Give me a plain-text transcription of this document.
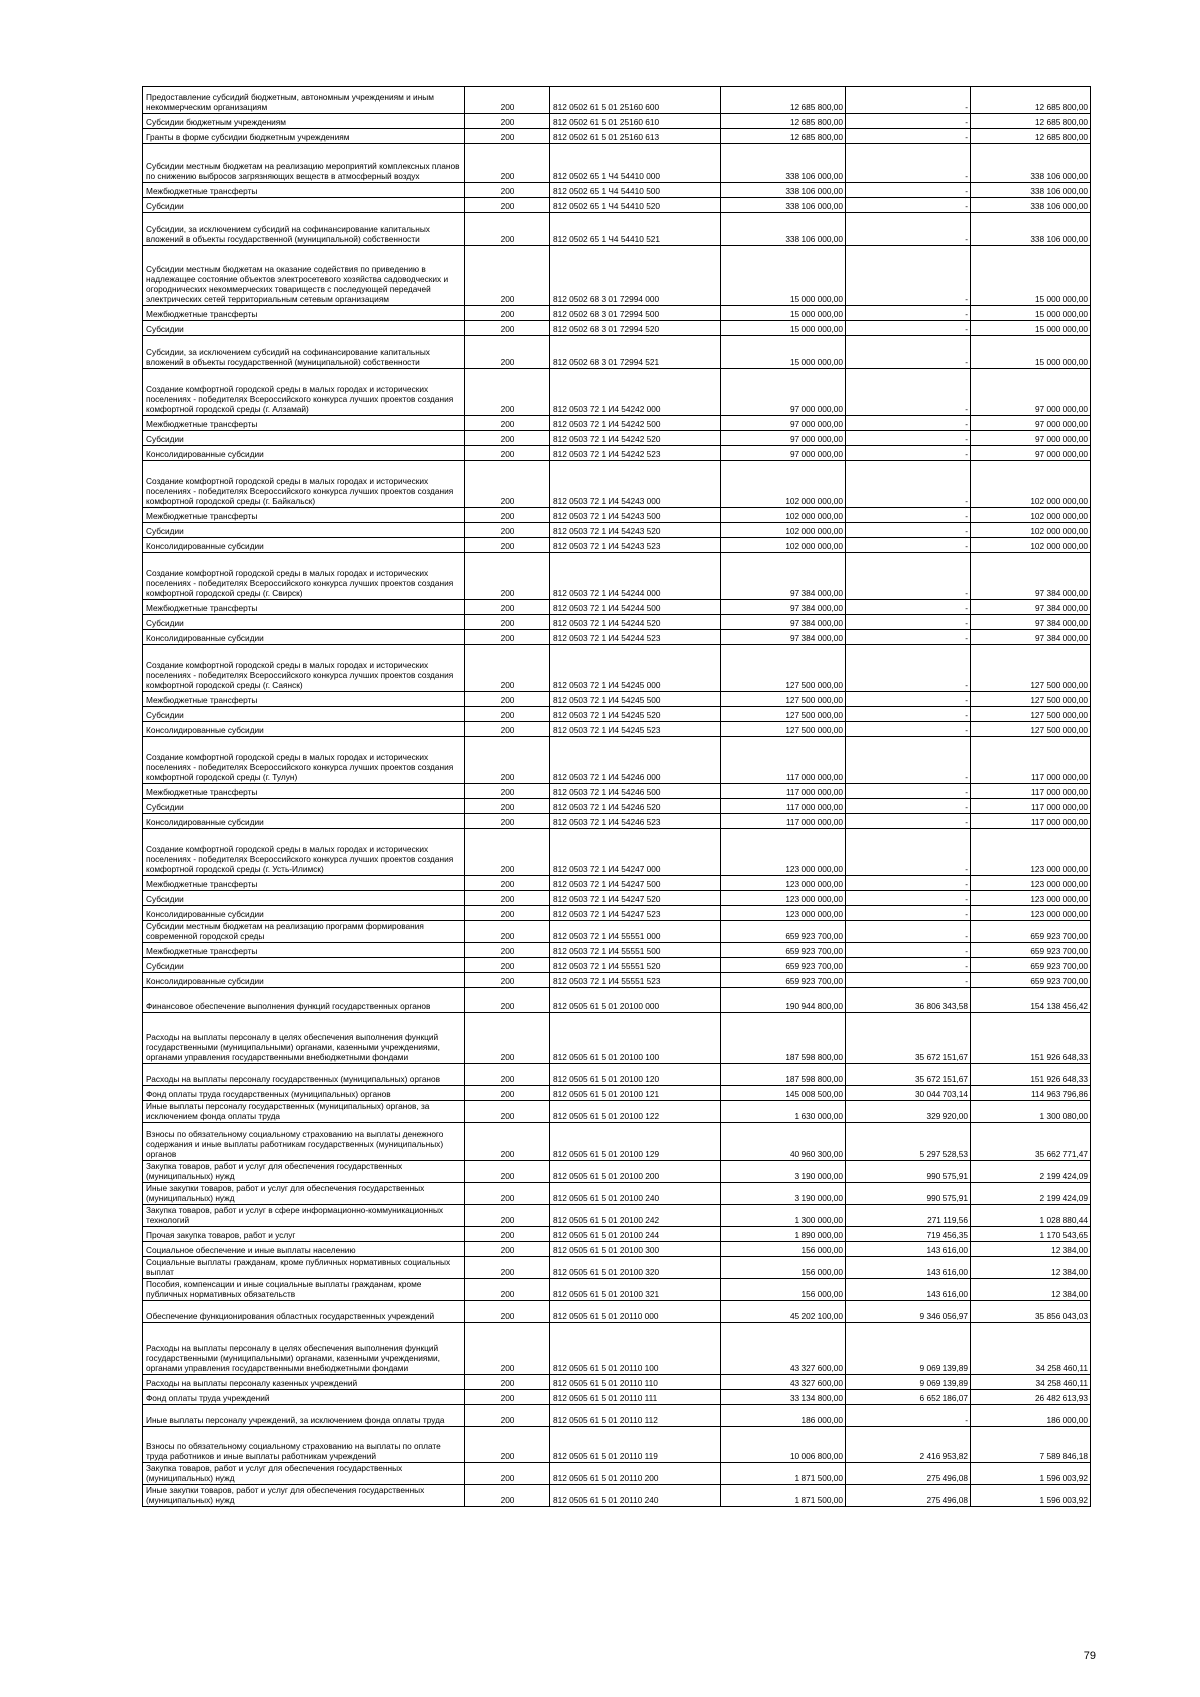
Предоставление субсидий бюджетным, автономным учреждениям и иным некоммерческим организациям	200	812 0502 61 5 01 25160 600	12 685 800,00	-	12 685 800,00
Субсидии бюджетным учреждениям	200	812 0502 61 5 01 25160 610	12 685 800,00	-	12 685 800,00
Гранты в форме субсидии бюджетным учреждениям	200	812 0502 61 5 01 25160 613	12 685 800,00	-	12 685 800,00
Субсидии местным бюджетам на реализацию мероприятий комплексных планов по снижению выбросов загрязняющих веществ в атмосферный воздух	200	812 0502 65 1 Ч4 54410 000	338 106 000,00	-	338 106 000,00
Межбюджетные трансферты	200	812 0502 65 1 Ч4 54410 500	338 106 000,00	-	338 106 000,00
Субсидии	200	812 0502 65 1 Ч4 54410 520	338 106 000,00	-	338 106 000,00
Субсидии, за исключением субсидий на софинансирование капитальных вложений в объекты государственной (муниципальной) собственности	200	812 0502 65 1 Ч4 54410 521	338 106 000,00	-	338 106 000,00
Субсидии местным бюджетам на оказание содействия по приведению в надлежащее состояние объектов электросетевого хозяйства садоводческих и огороднических некоммерческих товариществ с последующей передачей электрических сетей территориальным сетевым организациям	200	812 0502 68 3 01 72994 000	15 000 000,00	-	15 000 000,00
Межбюджетные трансферты	200	812 0502 68 3 01 72994 500	15 000 000,00	-	15 000 000,00
Субсидии	200	812 0502 68 3 01 72994 520	15 000 000,00	-	15 000 000,00
Субсидии, за исключением субсидий на софинансирование капитальных вложений в объекты государственной (муниципальной) собственности	200	812 0502 68 3 01 72994 521	15 000 000,00	-	15 000 000,00
Создание комфортной городской среды в малых городах и исторических поселениях - победителях Всероссийского конкурса лучших проектов создания комфортной городской среды (г. Алзамай)	200	812 0503 72 1 И4 54242 000	97 000 000,00	-	97 000 000,00
Межбюджетные трансферты	200	812 0503 72 1 И4 54242 500	97 000 000,00	-	97 000 000,00
Субсидии	200	812 0503 72 1 И4 54242 520	97 000 000,00	-	97 000 000,00
Консолидированные субсидии	200	812 0503 72 1 И4 54242 523	97 000 000,00	-	97 000 000,00
Создание комфортной городской среды в малых городах и исторических поселениях - победителях Всероссийского конкурса лучших проектов создания комфортной городской среды (г. Байкальск)	200	812 0503 72 1 И4 54243 000	102 000 000,00	-	102 000 000,00
Межбюджетные трансферты	200	812 0503 72 1 И4 54243 500	102 000 000,00	-	102 000 000,00
Субсидии	200	812 0503 72 1 И4 54243 520	102 000 000,00	-	102 000 000,00
Консолидированные субсидии	200	812 0503 72 1 И4 54243 523	102 000 000,00	-	102 000 000,00
Создание комфортной городской среды в малых городах и исторических поселениях - победителях Всероссийского конкурса лучших проектов создания комфортной городской среды (г. Свирск)	200	812 0503 72 1 И4 54244 000	97 384 000,00	-	97 384 000,00
Межбюджетные трансферты	200	812 0503 72 1 И4 54244 500	97 384 000,00	-	97 384 000,00
Субсидии	200	812 0503 72 1 И4 54244 520	97 384 000,00	-	97 384 000,00
Консолидированные субсидии	200	812 0503 72 1 И4 54244 523	97 384 000,00	-	97 384 000,00
Создание комфортной городской среды в малых городах и исторических поселениях - победителях Всероссийского конкурса лучших проектов создания комфортной городской среды (г. Саянск)	200	812 0503 72 1 И4 54245 000	127 500 000,00	-	127 500 000,00
Межбюджетные трансферты	200	812 0503 72 1 И4 54245 500	127 500 000,00	-	127 500 000,00
Субсидии	200	812 0503 72 1 И4 54245 520	127 500 000,00	-	127 500 000,00
Консолидированные субсидии	200	812 0503 72 1 И4 54245 523	127 500 000,00	-	127 500 000,00
Создание комфортной городской среды в малых городах и исторических поселениях - победителях Всероссийского конкурса лучших проектов создания комфортной городской среды (г. Тулун)	200	812 0503 72 1 И4 54246 000	117 000 000,00	-	117 000 000,00
Межбюджетные трансферты	200	812 0503 72 1 И4 54246 500	117 000 000,00	-	117 000 000,00
Субсидии	200	812 0503 72 1 И4 54246 520	117 000 000,00	-	117 000 000,00
Консолидированные субсидии	200	812 0503 72 1 И4 54246 523	117 000 000,00	-	117 000 000,00
Создание комфортной городской среды в малых городах и исторических поселениях - победителях Всероссийского конкурса лучших проектов создания комфортной городской среды (г. Усть-Илимск)	200	812 0503 72 1 И4 54247 000	123 000 000,00	-	123 000 000,00
Межбюджетные трансферты	200	812 0503 72 1 И4 54247 500	123 000 000,00	-	123 000 000,00
Субсидии	200	812 0503 72 1 И4 54247 520	123 000 000,00	-	123 000 000,00
Консолидированные субсидии	200	812 0503 72 1 И4 54247 523	123 000 000,00	-	123 000 000,00
Субсидии местным бюджетам на реализацию программ формирования современной городской среды	200	812 0503 72 1 И4 55551 000	659 923 700,00	-	659 923 700,00
Межбюджетные трансферты	200	812 0503 72 1 И4 55551 500	659 923 700,00	-	659 923 700,00
Субсидии	200	812 0503 72 1 И4 55551 520	659 923 700,00	-	659 923 700,00
Консолидированные субсидии	200	812 0503 72 1 И4 55551 523	659 923 700,00	-	659 923 700,00
Финансовое обеспечение выполнения функций государственных органов	200	812 0505 61 5 01 20100 000	190 944 800,00	36 806 343,58	154 138 456,42
Расходы на выплаты персоналу в целях обеспечения выполнения функций государственными (муниципальными) органами, казенными учреждениями, органами управления государственными внебюджетными фондами	200	812 0505 61 5 01 20100 100	187 598 800,00	35 672 151,67	151 926 648,33
Расходы на выплаты персоналу государственных (муниципальных) органов	200	812 0505 61 5 01 20100 120	187 598 800,00	35 672 151,67	151 926 648,33
Фонд оплаты труда государственных (муниципальных) органов	200	812 0505 61 5 01 20100 121	145 008 500,00	30 044 703,14	114 963 796,86
Иные выплаты персоналу государственных (муниципальных) органов, за исключением фонда оплаты труда	200	812 0505 61 5 01 20100 122	1 630 000,00	329 920,00	1 300 080,00
Взносы по обязательному социальному страхованию на выплаты денежного содержания и иные выплаты работникам государственных (муниципальных) органов	200	812 0505 61 5 01 20100 129	40 960 300,00	5 297 528,53	35 662 771,47
Закупка товаров, работ и услуг для обеспечения государственных (муниципальных) нужд	200	812 0505 61 5 01 20100 200	3 190 000,00	990 575,91	2 199 424,09
Иные закупки товаров, работ и услуг для обеспечения государственных (муниципальных) нужд	200	812 0505 61 5 01 20100 240	3 190 000,00	990 575,91	2 199 424,09
Закупка товаров, работ и услуг в сфере информационно-коммуникационных технологий	200	812 0505 61 5 01 20100 242	1 300 000,00	271 119,56	1 028 880,44
Прочая закупка товаров, работ и услуг	200	812 0505 61 5 01 20100 244	1 890 000,00	719 456,35	1 170 543,65
Социальное обеспечение и иные выплаты населению	200	812 0505 61 5 01 20100 300	156 000,00	143 616,00	12 384,00
Социальные выплаты гражданам, кроме публичных нормативных социальных выплат	200	812 0505 61 5 01 20100 320	156 000,00	143 616,00	12 384,00
Пособия, компенсации и иные социальные выплаты гражданам, кроме публичных нормативных обязательств	200	812 0505 61 5 01 20100 321	156 000,00	143 616,00	12 384,00
Обеспечение функционирования областных государственных учреждений	200	812 0505 61 5 01 20110 000	45 202 100,00	9 346 056,97	35 856 043,03
Расходы на выплаты персоналу в целях обеспечения выполнения функций государственными (муниципальными) органами, казенными учреждениями, органами управления государственными внебюджетными фондами	200	812 0505 61 5 01 20110 100	43 327 600,00	9 069 139,89	34 258 460,11
Расходы на выплаты персоналу казенных учреждений	200	812 0505 61 5 01 20110 110	43 327 600,00	9 069 139,89	34 258 460,11
Фонд оплаты труда учреждений	200	812 0505 61 5 01 20110 111	33 134 800,00	6 652 186,07	26 482 613,93
Иные выплаты персоналу учреждений, за исключением фонда оплаты труда	200	812 0505 61 5 01 20110 112	186 000,00	-	186 000,00
Взносы по обязательному социальному страхованию на выплаты по оплате труда работников и иные выплаты работникам учреждений	200	812 0505 61 5 01 20110 119	10 006 800,00	2 416 953,82	7 589 846,18
Закупка товаров, работ и услуг для обеспечения государственных (муниципальных) нужд	200	812 0505 61 5 01 20110 200	1 871 500,00	275 496,08	1 596 003,92
Иные закупки товаров, работ и услуг для обеспечения государственных (муниципальных) нужд	200	812 0505 61 5 01 20110 240	1 871 500,00	275 496,08	1 596 003,92
79
